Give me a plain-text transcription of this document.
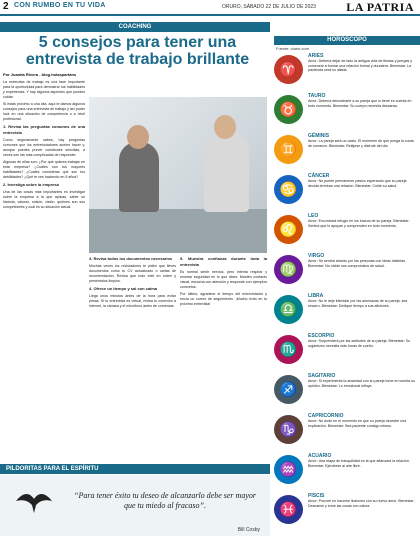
2 CON RUMBO EN TU VIDA	ORURO, SÁBADO 22 DE JULIO DE 2023	LA PATRIA
COACHING
5 consejos para tener una entrevista de trabajo brillante
Por Juanita Rivera - blog.holaspartans

La entrevista de trabajo es una fase importante para la oportunidad para demostrar tus habilidades y experiencia. Y hay algunos aspectos que puedes cuidar.

Si estás próximo a una cita, aquí te damos algunos consejos para una entrevista de trabajo y así poder lucir en una situación de competencia o a nivel profesional.

1. Revisa las preguntas comunes de una entrevista

Como seguramente sabes, hay preguntas comunes que los entrevistadores suelen hacer y, aunque puedes prever cuestiones sencillas, a veces son las más complicadas de responder.

Algunas de ellas son: ¿Por qué quieres trabajar en esta empresa? ¿Cuáles son tus mayores habilidades? ¿Cuáles consideras que son tus debilidades? ¿Qué te ves haciendo en 5 años?

2. Investiga sobre la empresa

Una de las cosas más importantes es investigar sobre la empresa a la que aplicas, saber su historia, valores, misión, visión, quiénes son sus competidores y cuál es su situación actual.

3. Revisa todos los documentos necesarios

Muchas veces los reclutadores te piden que lleves documentos como tu CV actualizado o cartas de recomendación. Revisa que todo esté en orden y preséntalos limpios.

4. Ofrece un tiempo y sal con calma

Llega unos minutos antes de la hora para evitar prisas. Si tu entrevista es virtual, revisa tu conexión a internet, la cámara y el micrófono antes de comenzar.

5. Muestra confianza durante toda la entrevista

Es normal sentir nervios, pero intenta respirar y mostrar seguridad en lo que dices. Mantén contacto visual, escucha con atención y responde con ejemplos concretos.

Por último, agradece el tiempo del entrevistador y envía un correo de seguimiento. ¡Mucho éxito en tu próxima entrevista!

HORÓSCOPO
Fuente: clarin.com
♈
ARIES
Amor: Debería dejar de lado la antigua vida de fiestas y juergas y comenzar a formar una relación formal y duradera. Bienestar: La paciencia será su aliada.
♉
TAURO
Amor: Debería demostrarle a su pareja que lo tiene en cuenta en todo momento. Bienestar: Su cuerpo necesita descanso.
♊
GÉMINIS
Amor: La pareja será un oasis. El momento de que ponga la cuota de romance. Bienestar: Relájese y disfrute del día.
♋
CÁNCER
Amor: No puede permanecer pasivo esperando que su pareja decida terminar una relación. Bienestar: Cuide su salud.
♌
LEO
Amor: Encontrará refugio en los brazos de su pareja. Bienestar: Sentirá que lo apoyan y comprenden en todo momento.
♍
VIRGO
Amor: Se sentirá atraído por las personas con ideas distintas. Bienestar: No olvide sus compromisos de salud.
♎
LIBRA
Amor: No le deje intimidar por las amenazas de su pareja, sea sincero. Bienestar: Dedique tiempo a sus aficiones.
♏
ESCORPIO
Amor: Sorprenderá por las actitudes de su pareja. Bienestar: Su organismo necesita más horas de sueño.
♐
SAGITARIO
Amor: Si experimenta la ansiedad con su pareja tome en cuenta su opinión. Bienestar: Lo emocional influye.
♑
CAPRICORNIO
Amor: No dude en el momento en que su pareja necesite una explicación. Bienestar: Sea paciente consigo mismo.
♒
ACUARIO
Amor: Una etapa de tranquilidad en la que afianzará la relación. Bienestar: Ejercítese al aire libre.
♓
PISCIS
Amor: Procure no hacerse ilusiones con su nuevo amor. Bienestar: Descanse y tome las cosas con calma.
PILDORITAS PARA EL ESPÍRITU
“Para tener éxito tu deseo de alcanzarlo debe ser mayor que tu miedo al fracaso”.
Bill Cosby
